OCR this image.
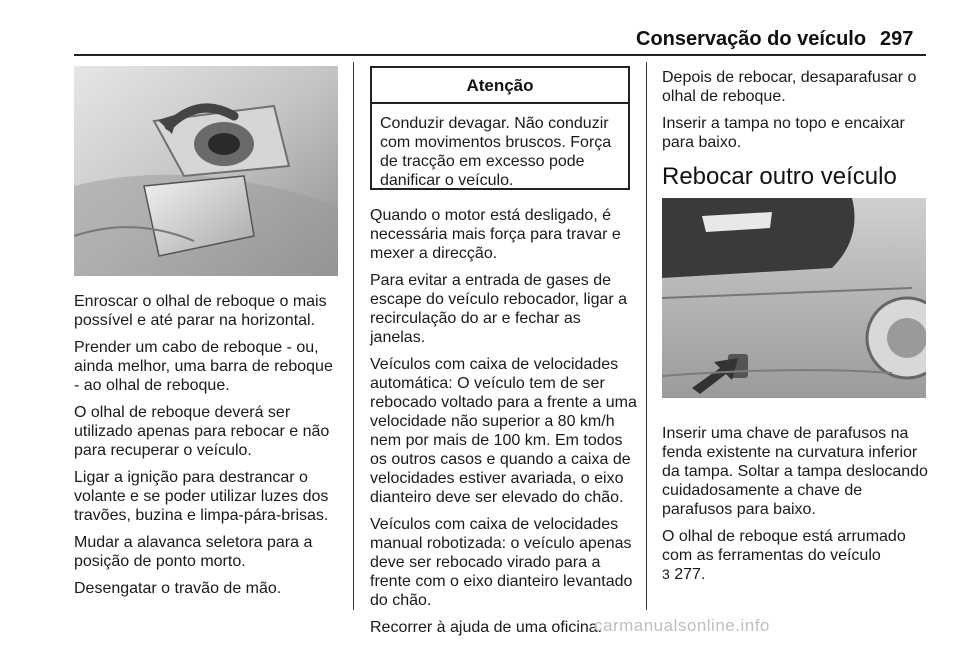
Conservação do veículo 297

Enroscar o olhal de reboque o mais possível e até parar na horizontal.

Prender um cabo de reboque - ou, ainda melhor, uma barra de reboque - ao olhal de reboque.

O olhal de reboque deverá ser utilizado apenas para rebocar e não para recuperar o veículo.

Ligar a ignição para destrancar o volante e se poder utilizar luzes dos travões, buzina e limpa-pára-brisas.

Mudar a alavanca seletora para a posição de ponto morto.

Desengatar o travão de mão.

Atenção
Conduzir devagar. Não conduzir com movimentos bruscos. Força de tracção em excesso pode danificar o veículo.

Quando o motor está desligado, é necessária mais força para travar e mexer a direcção.

Para evitar a entrada de gases de escape do veículo rebocador, ligar a recirculação do ar e fechar as janelas.

Veículos com caixa de velocidades automática: O veículo tem de ser rebocado voltado para a frente a uma velocidade não superior a 80 km/h nem por mais de 100 km. Em todos os outros casos e quando a caixa de velocidades estiver avariada, o eixo dianteiro deve ser elevado do chão.

Veículos com caixa de velocidades manual robotizada: o veículo apenas deve ser rebocado virado para a frente com o eixo dianteiro levantado do chão.

Recorrer à ajuda de uma oficina.

Depois de rebocar, desaparafusar o olhal de reboque.

Inserir a tampa no topo e encaixar para baixo.

Rebocar outro veículo

Inserir uma chave de parafusos na fenda existente na curvatura inferior da tampa. Soltar a tampa deslocando cuidadosamente a chave de parafusos para baixo.

O olhal de reboque está arrumado com as ferramentas do veículo
3 277.

carmanualsonline.info
